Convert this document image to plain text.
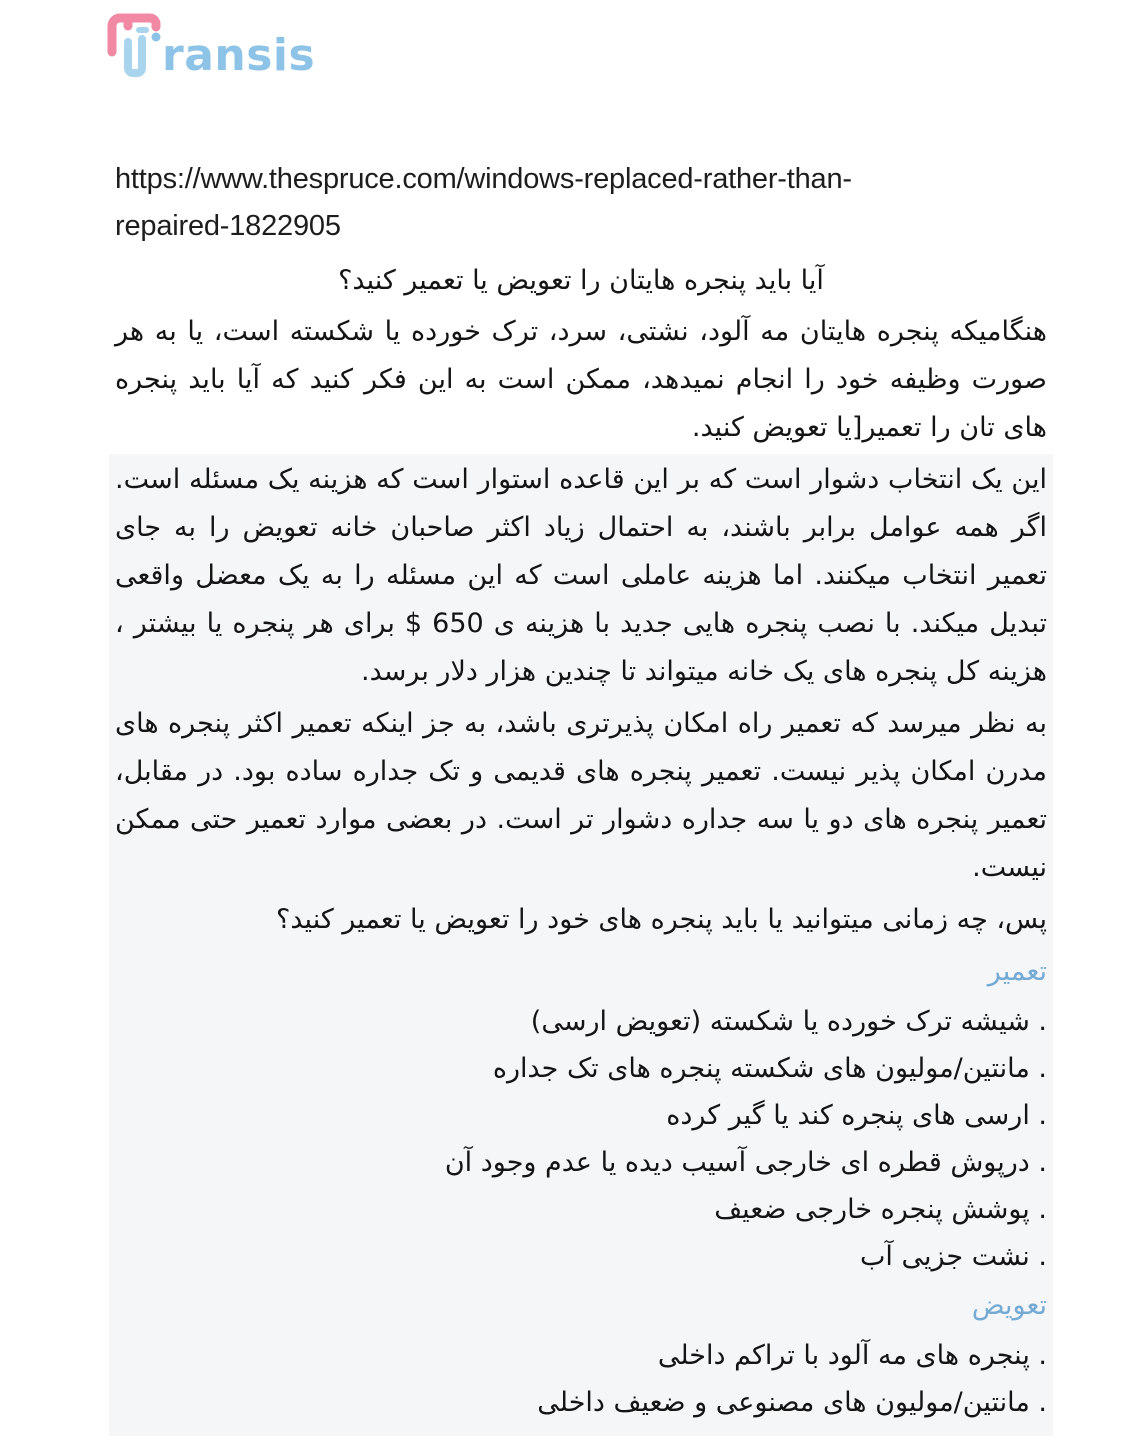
ransis

https://www.thespruce.com/windows-replaced-rather-than-
repaired-1822905

آیا باید پنجره هایتان را تعویض یا تعمیر کنید؟

هنگامیکه پنجره هایتان مه آلود، نشتی، سرد، ترک خورده یا شکسته است، یا به هر صورت وظیفه خود را انجام نمیدهد، ممکن است به این فکر کنید که آیا باید پنجره های تان را تعمیر[یا تعویض کنید.

این یک انتخاب دشوار است که بر این قاعده استوار است که هزینه یک مسئله است. اگر همه عوامل برابر باشند، به احتمال زیاد اکثر صاحبان خانه تعویض را به جای تعمیر انتخاب میکنند. اما هزینه عاملی است که این مسئله را به یک معضل واقعی تبدیل میکند. با نصب پنجره هایی جدید با هزینه ی 650 $ برای هر پنجره یا بیشتر ، هزینه کل پنجره های یک خانه میتواند تا چندین هزار دلار برسد.

به نظر میرسد که تعمیر راه امکان پذیرتری باشد، به جز اینکه تعمیر اکثر پنجره های مدرن امکان پذیر نیست. تعمیر پنجره های قدیمی و تک جداره ساده بود. در مقابل، تعمیر پنجره های دو یا سه جداره دشوار تر است. در بعضی موارد تعمیر حتی ممکن نیست.

پس، چه زمانی میتوانید یا باید پنجره های خود را تعویض یا تعمیر کنید؟

تعمیر

. شیشه ترک خورده یا شکسته (تعویض ارسی)
. مانتین/مولیون های شکسته پنجره های تک جداره
. ارسی های پنجره کند یا گیر کرده
. درپوش قطره ای خارجی آسیب دیده یا عدم وجود آن
. پوشش پنجره خارجی ضعیف
. نشت جزیی آب

تعویض

. پنجره های مه آلود با تراکم داخلی
. مانتین/مولیون های مصنوعی و ضعیف داخلی
